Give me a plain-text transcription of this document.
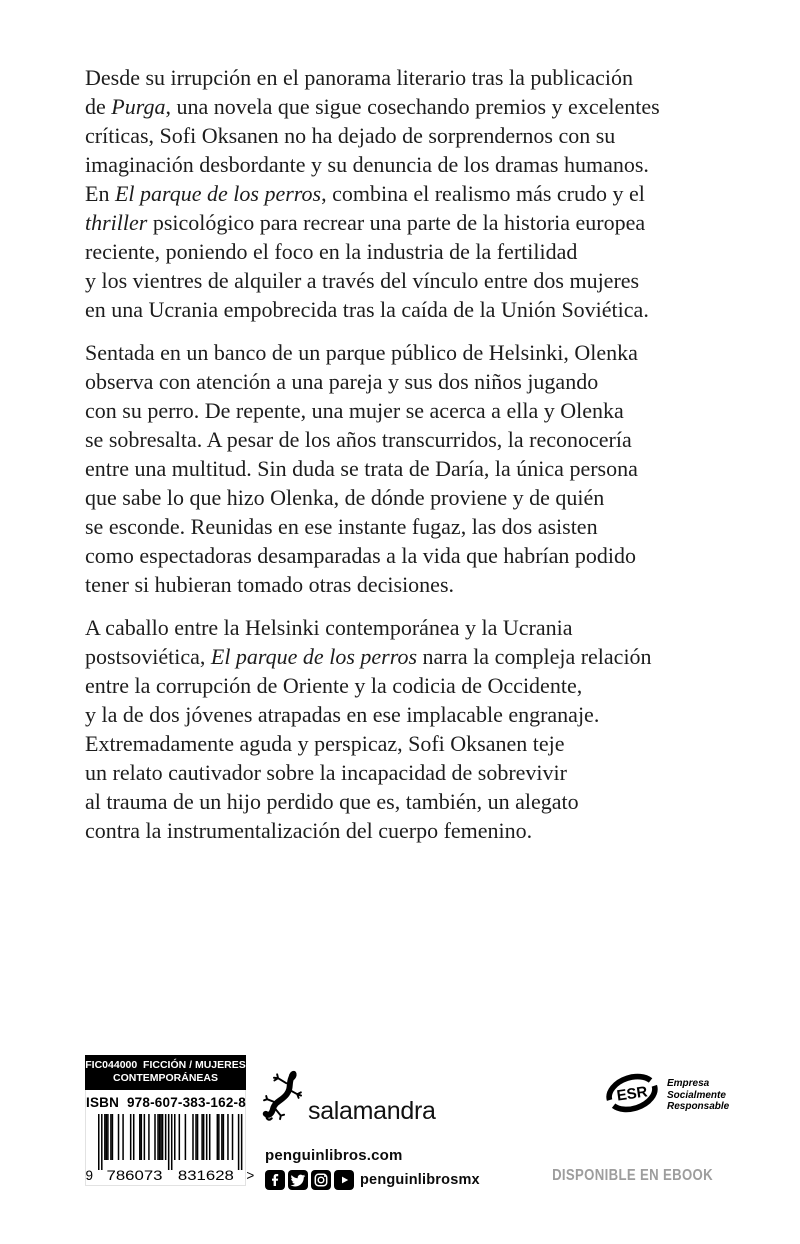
Desde su irrupción en el panorama literario tras la publicación
de Purga, una novela que sigue cosechando premios y excelentes
críticas, Sofi Oksanen no ha dejado de sorprendernos con su
imaginación desbordante y su denuncia de los dramas humanos.
En El parque de los perros, combina el realismo más crudo y el
thriller psicológico para recrear una parte de la historia europea
reciente, poniendo el foco en la industria de la fertilidad
y los vientres de alquiler a través del vínculo entre dos mujeres
en una Ucrania empobrecida tras la caída de la Unión Soviética.
Sentada en un banco de un parque público de Helsinki, Olenka
observa con atención a una pareja y sus dos niños jugando
con su perro. De repente, una mujer se acerca a ella y Olenka
se sobresalta. A pesar de los años transcurridos, la reconocería
entre una multitud. Sin duda se trata de Daría, la única persona
que sabe lo que hizo Olenka, de dónde proviene y de quién
se esconde. Reunidas en ese instante fugaz, las dos asisten
como espectadoras desamparadas a la vida que habrían podido
tener si hubieran tomado otras decisiones.
A caballo entre la Helsinki contemporánea y la Ucrania
postsoviética, El parque de los perros narra la compleja relación
entre la corrupción de Oriente y la codicia de Occidente,
y la de dos jóvenes atrapadas en ese implacable engranaje.
Extremadamente aguda y perspicaz, Sofi Oksanen teje
un relato cautivador sobre la incapacidad de sobrevivir
al trauma de un hijo perdido que es, también, un alegato
contra la instrumentalización del cuerpo femenino.
FIC044000  FICCIÓN / MUJERES
CONTEMPORÁNEAS
ISBN  978-607-383-162-8
9 786073 831628 >
salamandra
penguinlibros.com
penguinlibrosmx
ESR Empresa
Socialmente
Responsable
DISPONIBLE EN EBOOK
